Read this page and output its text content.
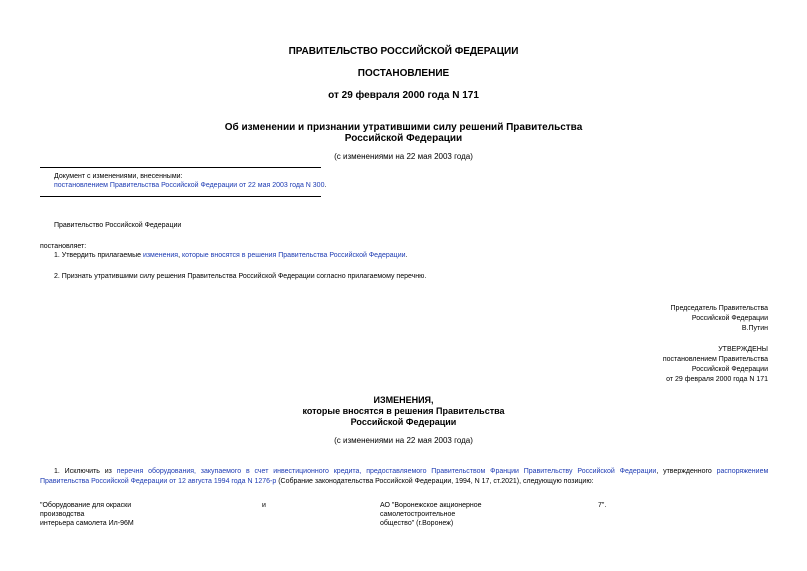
ПРАВИТЕЛЬСТВО РОССИЙСКОЙ ФЕДЕРАЦИИ
ПОСТАНОВЛЕНИЕ
от 29 февраля 2000 года N 171
Об изменении и признании утратившими силу решений Правительства
Российской Федерации
(с изменениями на 22 мая 2003 года)
Документ с изменениями, внесенными:
постановлением Правительства Российской Федерации от 22 мая 2003 года N 300.
Правительство Российской Федерации
постановляет:
1. Утвердить прилагаемые изменения, которые вносятся в решения Правительства Российской Федерации.
2. Признать утратившими силу решения Правительства Российской Федерации согласно прилагаемому перечню.
Председатель Правительства
Российской Федерации
В.Путин
УТВЕРЖДЕНЫ
постановлением Правительства
Российской Федерации
от 29 февраля 2000 года N 171
ИЗМЕНЕНИЯ,
которые вносятся в решения Правительства
Российской Федерации
(с изменениями на 22 мая 2003 года)
1. Исключить из перечня оборудования, закупаемого в счет инвестиционного кредита, предоставляемого Правительством Франции Правительству Российской Федерации, утвержденного распоряжением
Правительства Российской Федерации от 12 августа 1994 года N 1276-р (Собрание законодательства Российской Федерации, 1994, N 17, ст.2021), следующую позицию:
"Оборудование для окраски
производства
интерьера самолета Ил-96М
и	АО "Воронежское акционерное
самолетостроительное
общество" (г.Воронеж)
7".
